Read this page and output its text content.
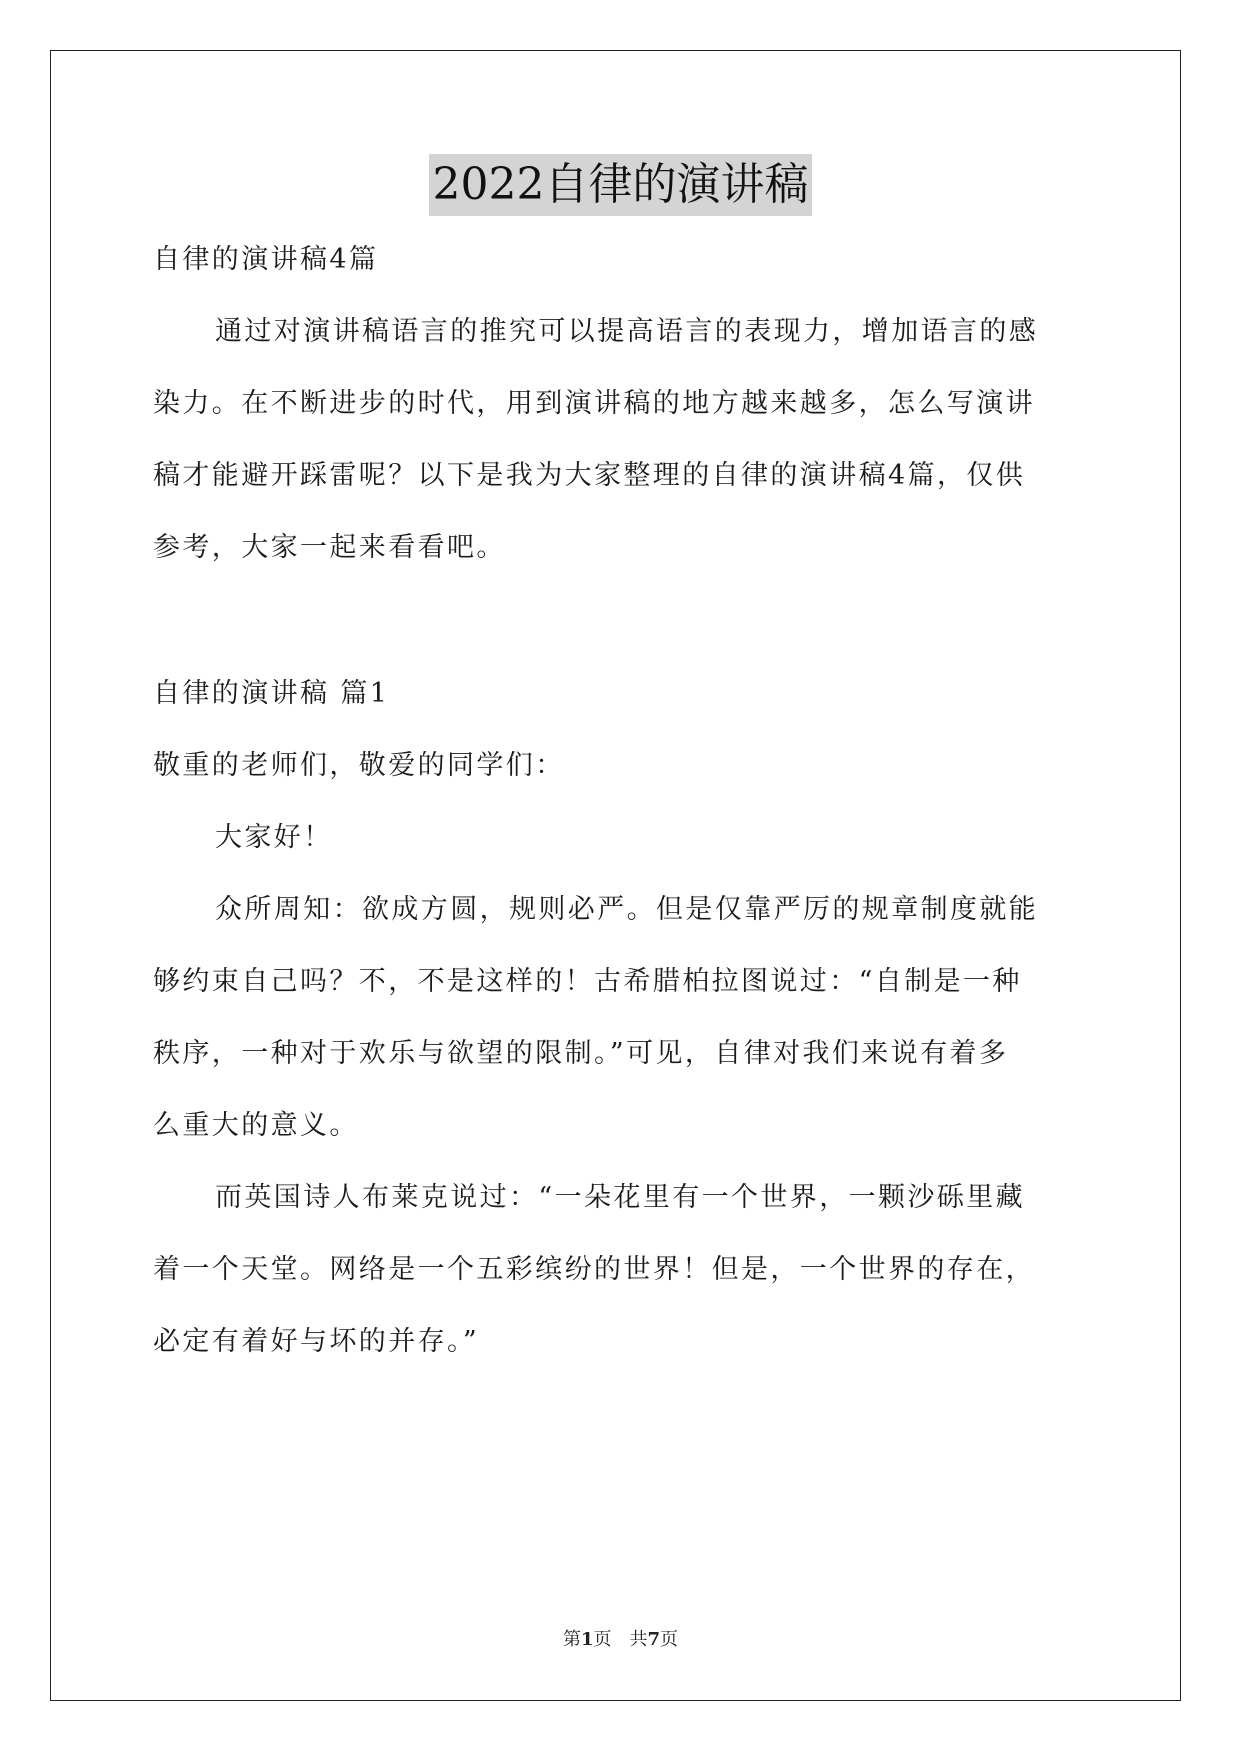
2022自律的演讲稿
自律的演讲稿4篇
通过对演讲稿语言的推究可以提高语言的表现力，增加语言的感
染力。在不断进步的时代，用到演讲稿的地方越来越多，怎么写演讲
稿才能避开踩雷呢？以下是我为大家整理的自律的演讲稿4篇，仅供
参考，大家一起来看看吧。
自律的演讲稿 篇1
敬重的老师们，敬爱的同学们：
大家好！
众所周知：欲成方圆，规则必严。但是仅靠严厉的规章制度就能
够约束自己吗？不，不是这样的！古希腊柏拉图说过：“自制是一种
秩序，一种对于欢乐与欲望的限制。”可见，自律对我们来说有着多
么重大的意义。
而英国诗人布莱克说过：“一朵花里有一个世界，一颗沙砾里藏
着一个天堂。网络是一个五彩缤纷的世界！但是，一个世界的存在，
必定有着好与坏的并存。”
第1页　共7页
